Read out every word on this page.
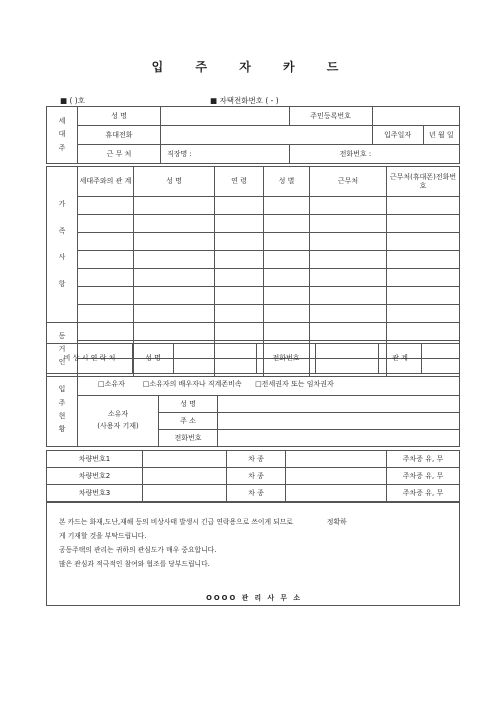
입 주 자 카 드
■ ( )호	■ 자택전화번호 ( - )
세
대
주	성 명		주민등록번호		
	휴대전화			입주일자	년 월 일
	근 무 처	직장명 :	전화번호 :		
가

족

사

항	세대주와의 관 계	성 명	연 령	성 별	근무처	근무처(휴대폰)전화번호

동
거
인						

비 상 시 연 락 처	성 명		전화번호		관 계	
입
주
현
황	□소유자 □소유자의 배우자나 직계존비속 □전세권자 또는 임차권자		
	소유자
(사용자 기재)	성 명	
		주 소	
		전화번호	
차량번호1		차 종		주차증 유, 무
차량번호2		차 종		주차증 유, 무
차량번호3		차 종		주차증 유, 무

본 카드는 화재,도난,재해 등의 비상사태 발생시 긴급 연락용으로 쓰이게 되므로	정확하

게 기재할 것을 부탁드립니다.

공동주택의 관리는 귀하의 관심도가 매우 중요합니다.

많은 관심과 적극적인 참여와 협조를 당부드립니다.

OOOO 관 리 사 무 소
